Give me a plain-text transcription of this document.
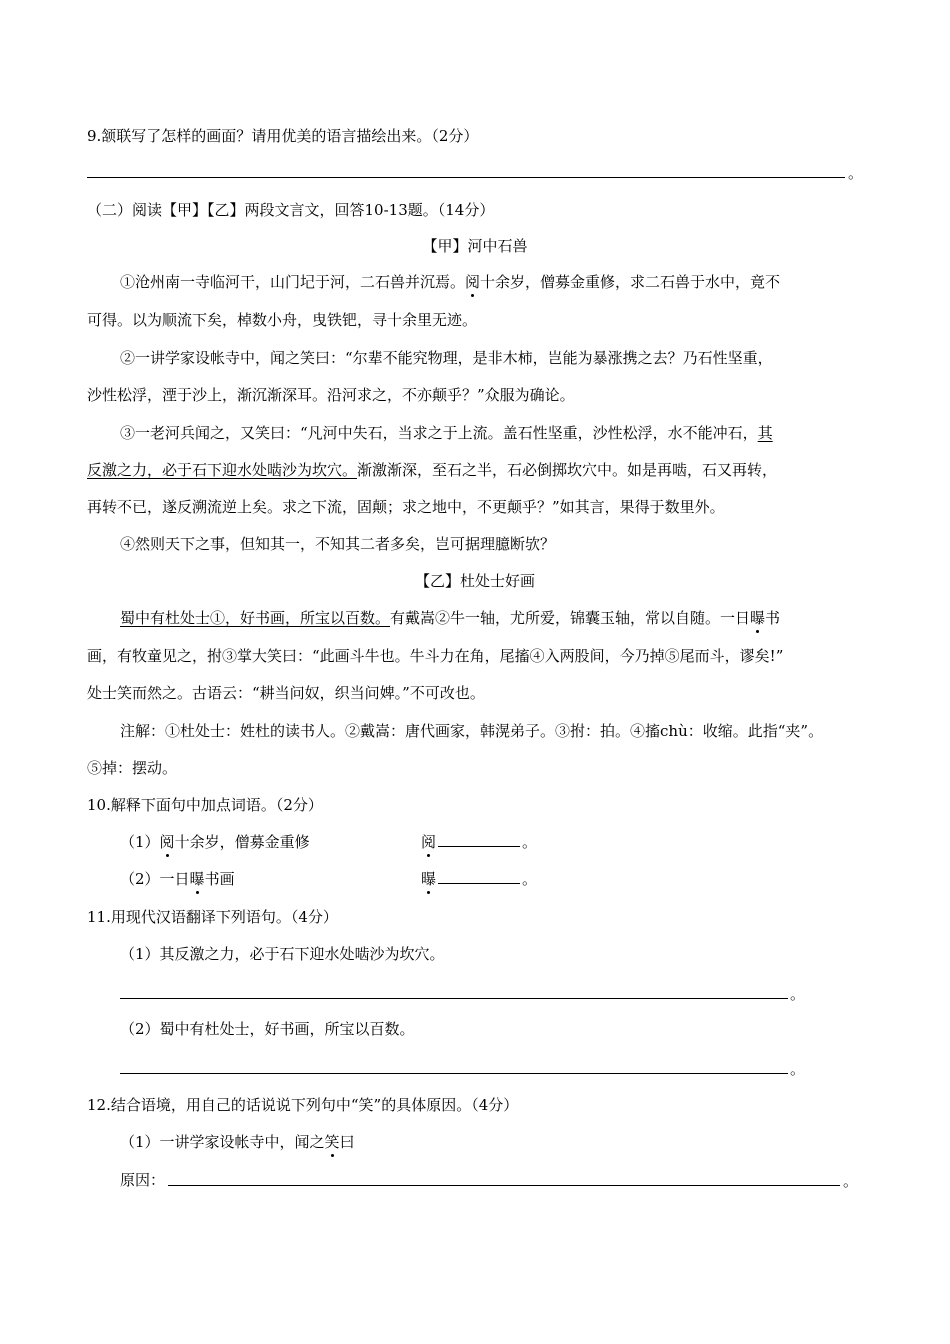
9.颔联写了怎样的画面？请用优美的语言描绘出来。（2分）
。
（二）阅读【甲】【乙】两段文言文，回答10-13题。（14分）
【甲】河中石兽
①沧州南一寺临河干，山门圮于河，二石兽并沉焉。阅十余岁，僧募金重修，求二石兽于水中，竟不
可得。以为顺流下矣，棹数小舟，曳铁钯，寻十余里无迹。
②一讲学家设帐寺中，闻之笑曰：“尔辈不能究物理，是非木柿，岂能为暴涨携之去？乃石性坚重，
沙性松浮，湮于沙上，渐沉渐深耳。沿河求之，不亦颠乎？”众服为确论。
③一老河兵闻之，又笑曰：“凡河中失石，当求之于上流。盖石性坚重，沙性松浮，水不能冲石，其
反激之力，必于石下迎水处啮沙为坎穴。渐激渐深，至石之半，石必倒掷坎穴中。如是再啮，石又再转，
再转不已，遂反溯流逆上矣。求之下流，固颠；求之地中，不更颠乎？”如其言，果得于数里外。
④然则天下之事，但知其一，不知其二者多矣，岂可据理臆断欤？
【乙】杜处士好画
蜀中有杜处士①，好书画，所宝以百数。有戴嵩②牛一轴，尤所爱，锦囊玉轴，常以自随。一日曝书
画，有牧童见之，拊③掌大笑曰：“此画斗牛也。牛斗力在角，尾搐④入两股间，今乃掉⑤尾而斗，谬矣!”
处士笑而然之。古语云：“耕当问奴，织当问婢。”不可改也。
注解：①杜处士：姓杜的读书人。②戴嵩：唐代画家，韩滉弟子。③拊：拍。④搐chù：收缩。此指“夹”。
⑤掉：摆动。
10.解释下面句中加点词语。（2分）
（1）阅十余岁，僧募金重修	阅	。
（2）一日曝书画	曝	。
11.用现代汉语翻译下列语句。（4分）
（1）其反激之力，必于石下迎水处啮沙为坎穴。
。
（2）蜀中有杜处士，好书画，所宝以百数。
。
12.结合语境，用自己的话说说下列句中“笑”的具体原因。（4分）
（1）一讲学家设帐寺中，闻之笑曰
原因：	。
